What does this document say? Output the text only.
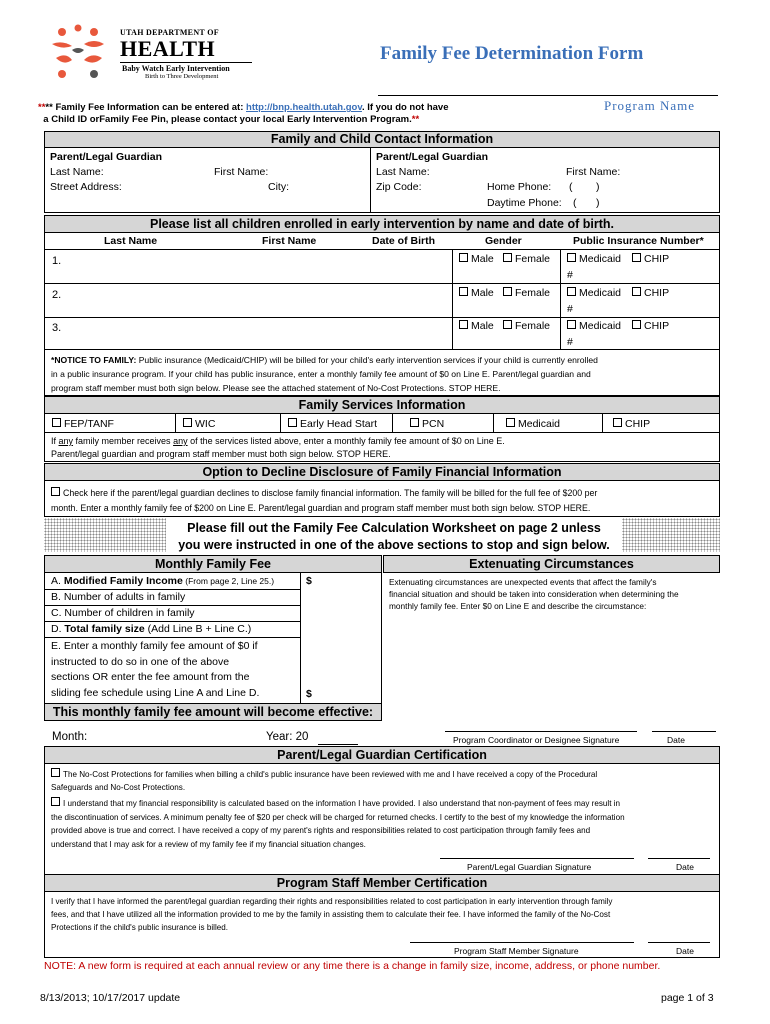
UTAH DEPARTMENT OF
HEALTH
Baby Watch Early Intervention
Birth to Three Development
Family Fee Determination Form
Program Name
**** Family Fee Information can be entered at: http://bnp.health.utah.gov. If you do not have
a Child ID orFamily Fee Pin, please contact your local Early Intervention Program.**
Family and Child Contact Information
Parent/Legal Guardian
Last Name:	First Name:
Street Address:	City:
Parent/Legal Guardian
Last Name:	First Name:
Zip Code:	Home Phone: ( )
Daytime Phone: ( )
Please list all children enrolled in early intervention by name and date of birth.
Last Name	First Name	Date of Birth	Gender	Public Insurance Number*
1.	Male	Female	Medicaid	CHIP
#
2.	Male	Female	Medicaid	CHIP
#
3.	Male	Female	Medicaid	CHIP
#
*NOTICE TO FAMILY: Public insurance (Medicaid/CHIP) will be billed for your child's early intervention services if your child is currently enrolled
in a public insurance program. If your child has public insurance, enter a monthly family fee amount of $0 on Line E. Parent/legal guardian and
program staff member must both sign below. Please see the attached statement of No-Cost Protections. STOP HERE.
Family Services Information
FEP/TANF	WIC	Early Head Start	PCN	Medicaid	CHIP
If any family member receives any of the services listed above, enter a monthly family fee amount of $0 on Line E.
Parent/legal guardian and program staff member must both sign below. STOP HERE.
Option to Decline Disclosure of Family Financial Information
Check here if the parent/legal guardian declines to disclose family financial information. The family will be billed for the full fee of $200 per
month. Enter a monthly family fee of $200 on Line E. Parent/legal guardian and program staff member must both sign below. STOP HERE.
Please fill out the Family Fee Calculation Worksheet on page 2 unless
you were instructed in one of the above sections to stop and sign below.
Monthly Family Fee
A. Modified Family Income (From page 2, Line 25.)	$
B. Number of adults in family
C. Number of children in family
D. Total family size (Add Line B + Line C.)
E. Enter a monthly family fee amount of $0 if
instructed to do so in one of the above
sections OR enter the fee amount from the
sliding fee schedule using Line A and Line D.	$
This monthly family fee amount will become effective:
Month:	Year: 20
Extenuating Circumstances
Extenuating circumstances are unexpected events that affect the family's
financial situation and should be taken into consideration when determining the
monthly family fee. Enter $0 on Line E and describe the circumstance:
Program Coordinator or Designee Signature	Date
Parent/Legal Guardian Certification
The No-Cost Protections for families when billing a child's public insurance have been reviewed with me and I have received a copy of the Procedural
Safeguards and No-Cost Protections.
I understand that my financial responsibility is calculated based on the information I have provided. I also understand that non-payment of fees may result in
the discontinuation of services. A minimum penalty fee of $20 per check will be charged for returned checks. I certify to the best of my knowledge the information
provided above is true and correct. I have received a copy of my parent's rights and responsibilities related to cost participation through family fees and
understand that I may ask for a review of my family fee if my financial situation changes.
Parent/Legal Guardian Signature	Date
Program Staff Member Certification
I verify that I have informed the parent/legal guardian regarding their rights and responsibilities related to cost participation in early intervention through family
fees, and that I have utilized all the information provided to me by the family in assisting them to calculate their fee. I have informed the family of the No-Cost
Protections if the child's public insurance is billed.
Program Staff Member Signature	Date
NOTE: A new form is required at each annual review or any time there is a change in family size, income, address, or phone number.
8/13/2013; 10/17/2017 update	page 1 of 3
